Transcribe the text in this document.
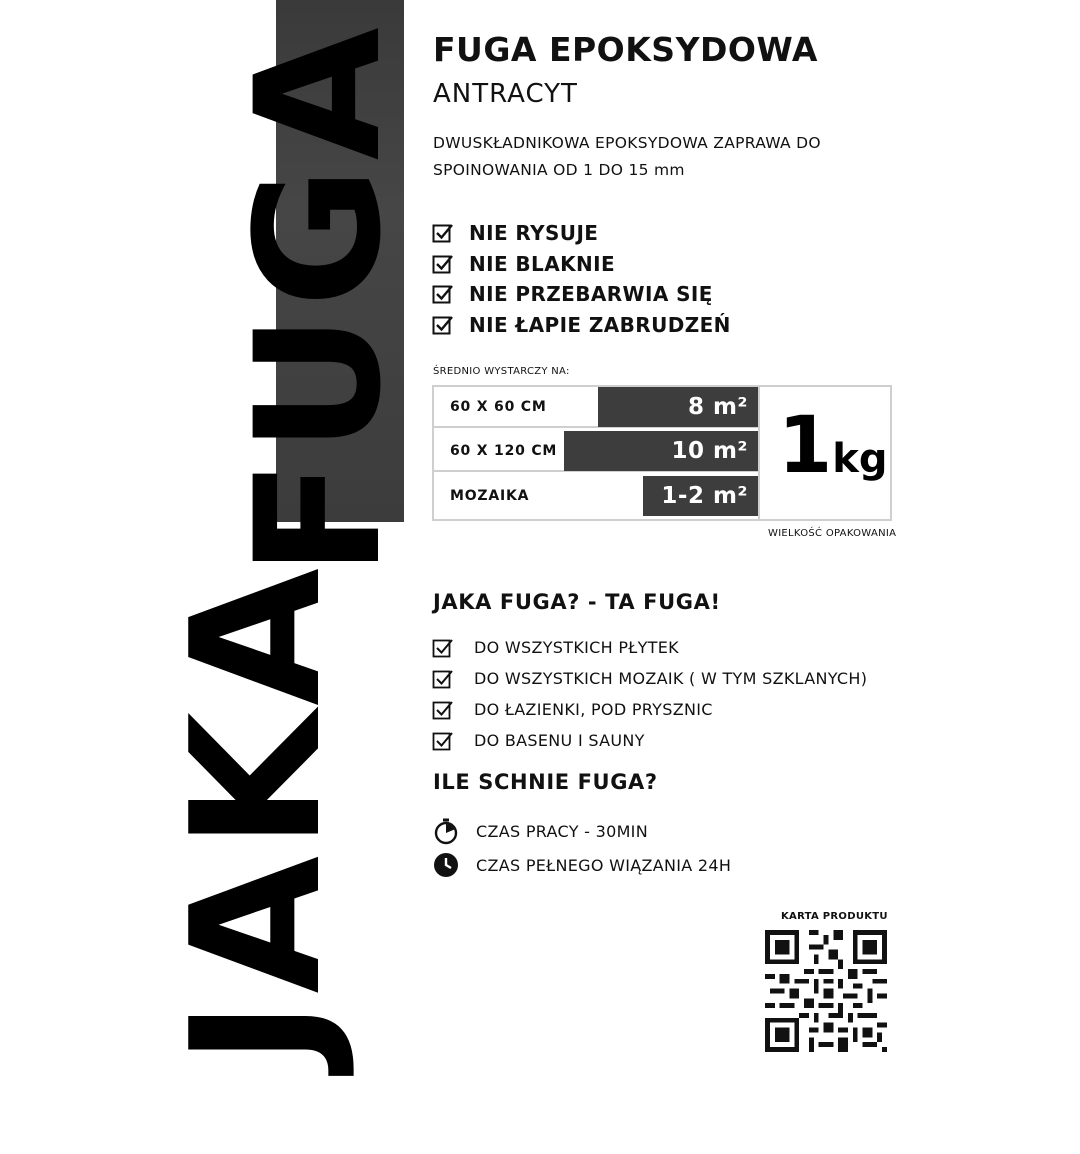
FUGA
JAKA
FUGA EPOKSYDOWA
ANTRACYT
DWUSKŁADNIKOWA EPOKSYDOWA ZAPRAWA DO SPOINOWANIA OD 1 DO 15 mm
NIE RYSUJE
NIE BLAKNIE
NIE PRZEBARWIA SIĘ
NIE ŁAPIE ZABRUDZEŃ
ŚREDNIO WYSTARCZY NA:
60 X 60 CM	8 m²
60 X 120 CM	10 m²
MOZAIKA	1-2 m²
1kg
WIELKOŚĆ OPAKOWANIA
JAKA FUGA? - TA FUGA!
DO WSZYSTKICH PŁYTEK
DO WSZYSTKICH MOZAIK ( W TYM SZKLANYCH)
DO ŁAZIENKI, POD PRYSZNIC
DO BASENU I SAUNY
ILE SCHNIE FUGA?
CZAS PRACY - 30MIN
CZAS PEŁNEGO WIĄZANIA 24H
KARTA PRODUKTU
